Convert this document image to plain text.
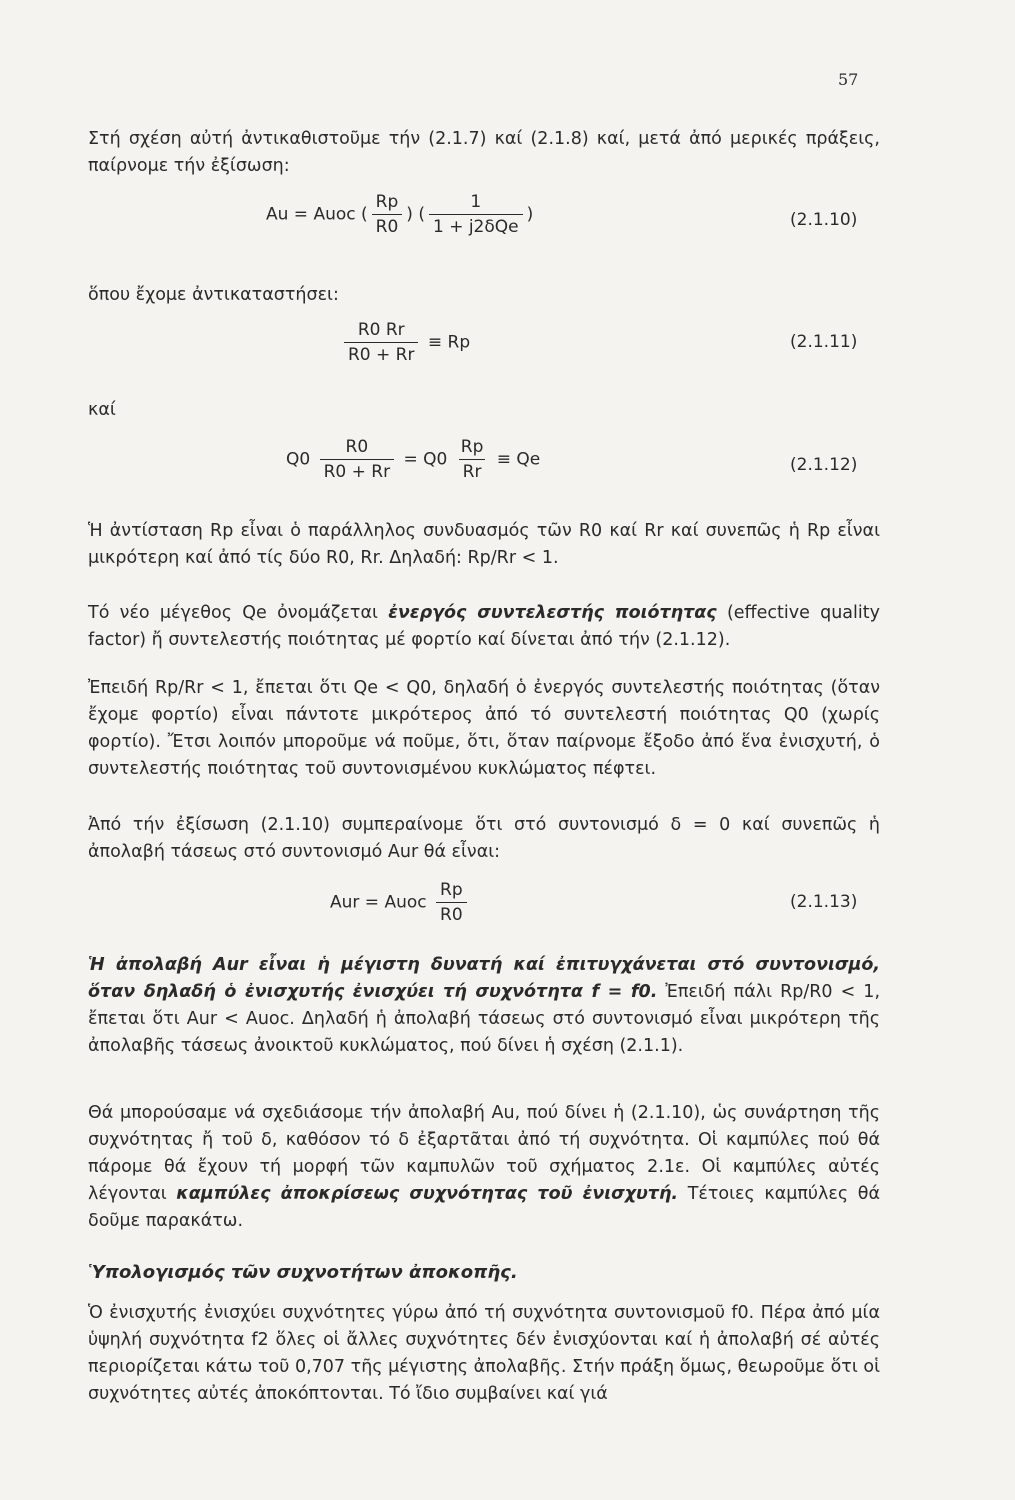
57
Στή σχέση αὐτή ἀντικαθιστοῦμε τήν (2.1.7) καί (2.1.8) καί, μετά ἀπό μερικές πράξεις, παίρνομε τήν ἐξίσωση:
Au = Auoc ( $\frac{Rp}{R0}$ ) ( $\frac{1}{\text{1 + j2δQe}}$ )	(2.1.10)
ὅπου ἔχομε ἀντικαταστήσει:
$\frac{R0 Rr}{R0 + Rr} \equiv Rp$	(2.1.11)
καί
$Q0 \frac{R0}{R0 + Rr} = Q0 \frac{Rp}{Rr} \equiv Qe$	(2.1.12)
Ἡ ἀντίσταση Rp εἶναι ὁ παράλληλος συνδυασμός τῶν R0 καί Rr καί συνεπῶς ἡ Rp εἶναι μικρότερη καί ἀπό τίς δύο R0, Rr. Δηλαδή: Rp/Rr < 1.
Τό νέο μέγεθος Qe ὀνομάζεται ἐνεργός συντελεστής ποιότητας (effective quality factor) ἤ συντελεστής ποιότητας μέ φορτίο καί δίνεται ἀπό τήν (2.1.12).
Ἐπειδή Rp/Rr < 1, ἔπεται ὅτι Qe < Q0, δηλαδή ὁ ἐνεργός συντελεστής ποιότητας (ὅταν ἔχομε φορτίο) εἶναι πάντοτε μικρότερος ἀπό τό συντελεστή ποιότητας Q0 (χωρίς φορτίο). Ἔτσι λοιπόν μποροῦμε νά ποῦμε, ὅτι, ὅταν παίρνομε ἔξοδο ἀπό ἕνα ἐνισχυτή, ὁ συντελεστής ποιότητας τοῦ συντονισμένου κυκλώματος πέφτει.
Ἀπό τήν ἐξίσωση (2.1.10) συμπεραίνομε ὅτι στό συντονισμό δ = 0 καί συνεπῶς ἡ ἀπολαβή τάσεως στό συντονισμό Aur θά εἶναι:
Aur = Auoc $\frac{Rp}{R0}$	(2.1.13)
Ἡ ἀπολαβή Aur εἶναι ἡ μέγιστη δυνατή καί ἐπιτυγχάνεται στό συντονισμό, ὅταν δηλαδή ὁ ἐνισχυτής ἐνισχύει τή συχνότητα f = f0. Ἐπειδή πάλι Rp/R0 < 1, ἔπεται ὅτι Aur < Auoc. Δηλαδή ἡ ἀπολαβή τάσεως στό συντονισμό εἶναι μικρότερη τῆς ἀπολαβῆς τάσεως ἀνοικτοῦ κυκλώματος, πού δίνει ἡ σχέση (2.1.1).
Θά μπορούσαμε νά σχεδιάσομε τήν ἀπολαβή Au, πού δίνει ἡ (2.1.10), ὡς συνάρτηση τῆς συχνότητας ἤ τοῦ δ, καθόσον τό δ ἐξαρτᾶται ἀπό τή συχνότητα. Οἱ καμπύλες πού θά πάρομε θά ἔχουν τή μορφή τῶν καμπυλῶν τοῦ σχήματος 2.1ε. Οἱ καμπύλες αὐτές λέγονται καμπύλες ἀποκρίσεως συχνότητας τοῦ ἐνισχυτή. Τέτοιες καμπύλες θά δοῦμε παρακάτω.
Ὑπολογισμός τῶν συχνοτήτων ἀποκοπῆς.
Ὁ ἐνισχυτής ἐνισχύει συχνότητες γύρω ἀπό τή συχνότητα συντονισμοῦ f0. Πέρα ἀπό μία ὑψηλή συχνότητα f2 ὅλες οἱ ἄλλες συχνότητες δέν ἐνισχύονται καί ἡ ἀπολαβή σέ αὐτές περιορίζεται κάτω τοῦ 0,707 τῆς μέγιστης ἀπολαβῆς. Στήν πράξη ὅμως, θεωροῦμε ὅτι οἱ συχνότητες αὐτές ἀποκόπτονται. Τό ἴδιο συμβαίνει καί γιά
